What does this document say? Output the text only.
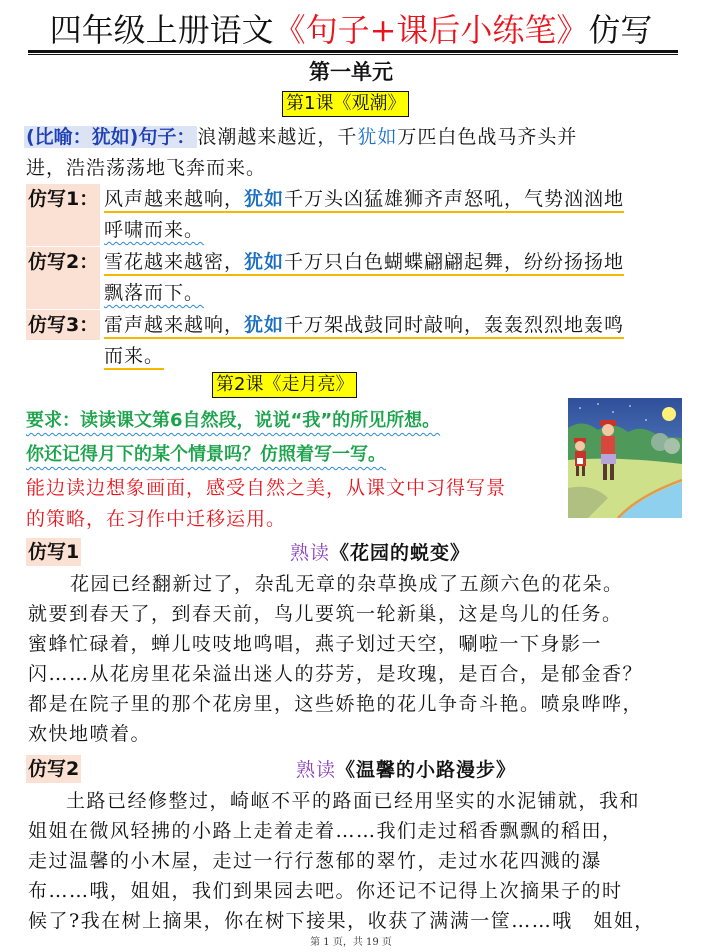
四年级上册语文《句子+课后小练笔》仿写
第一单元
第1课《观潮》
(比喻：犹如)句子： 浪潮越来越近，千犹如万匹白色战马齐头并
进，浩浩荡荡地飞奔而来。
仿写1： 风声越来越响，犹如千万头凶猛雄狮齐声怒吼，气势汹汹地
呼啸而来。
仿写2： 雪花越来越密，犹如千万只白色蝴蝶翩翩起舞，纷纷扬扬地
飘落而下。
仿写3： 雷声越来越响，犹如千万架战鼓同时敲响，轰轰烈烈地轰鸣
而来。
第2课《走月亮》
要求：读读课文第6自然段，说说“我”的所见所想。
你还记得月下的某个情景吗？仿照着写一写。
能边读边想象画面，感受自然之美，从课文中习得写景
的策略，在习作中迁移运用。
仿写1	熟读《花园的蜕变》
花园已经翻新过了，杂乱无章的杂草换成了五颜六色的花朵。
就要到春天了，到春天前，鸟儿要筑一轮新巢，这是鸟儿的任务。
蜜蜂忙碌着，蝉儿吱吱地鸣唱，燕子划过天空，唰啦一下身影一
闪……从花房里花朵溢出迷人的芬芳，是玫瑰，是百合，是郁金香？
都是在院子里的那个花房里，这些娇艳的花儿争奇斗艳。喷泉哗哗，
欢快地喷着。
仿写2	熟读《温馨的小路漫步》
土路已经修整过，崎岖不平的路面已经用坚实的水泥铺就，我和
姐姐在微风轻拂的小路上走着走着……我们走过稻香飘飘的稻田，
走过温馨的小木屋，走过一行行葱郁的翠竹，走过水花四溅的瀑
布……哦，姐姐，我们到果园去吧。你还记不记得上次摘果子的时
候了?我在树上摘果，你在树下接果，收获了满满一筐……哦　姐姐，
第 1 页，共 19 页
